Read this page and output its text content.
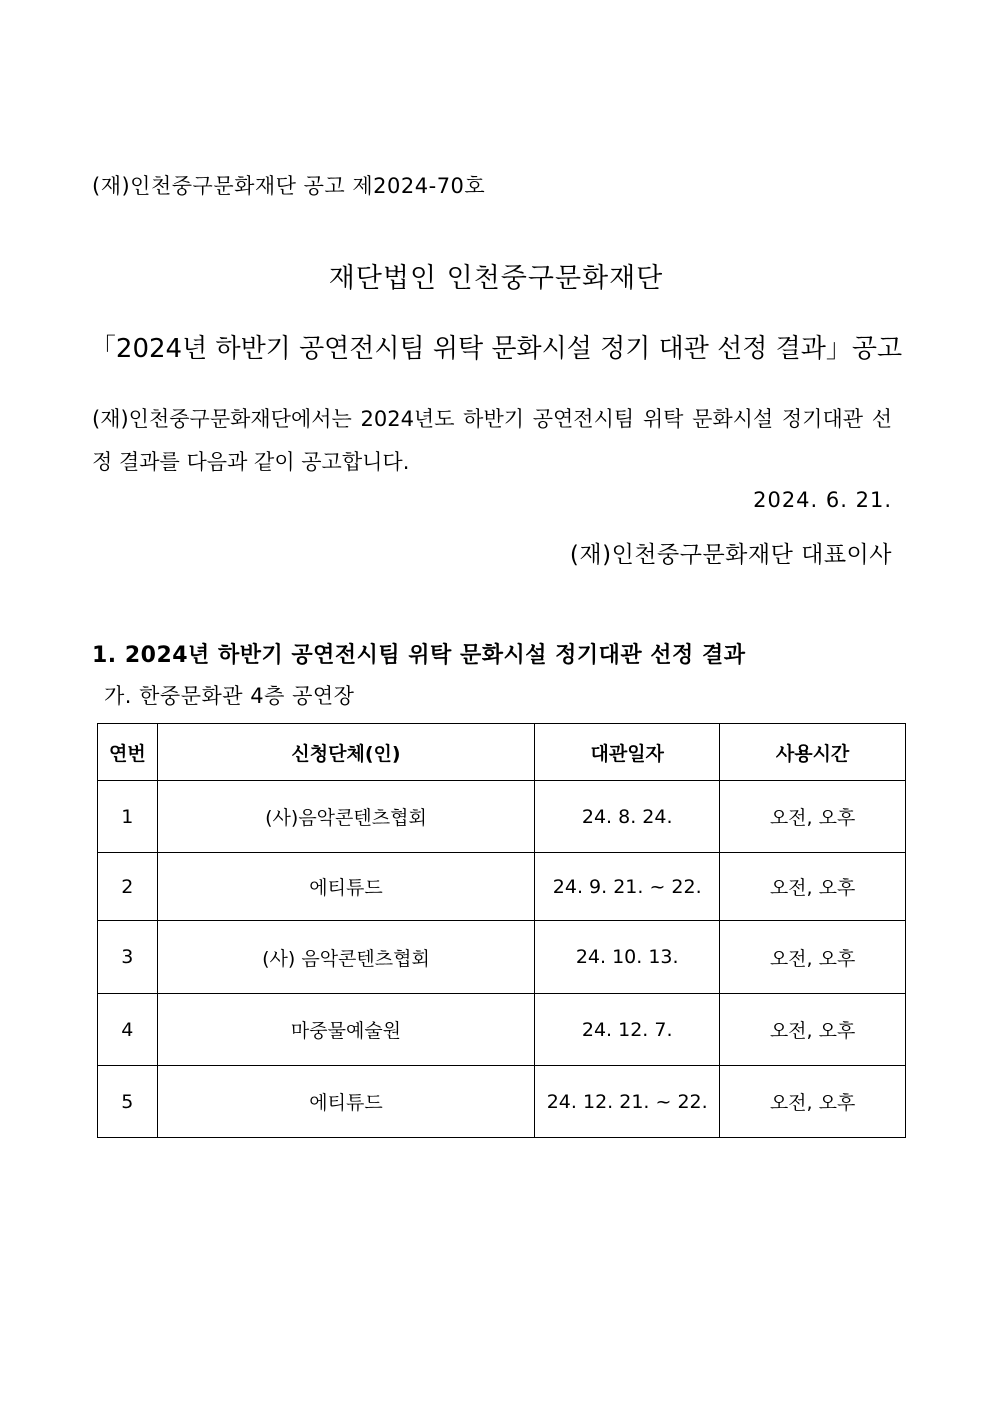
(재)인천중구문화재단 공고 제2024-70호
재단법인 인천중구문화재단
「2024년 하반기 공연전시팀 위탁 문화시설 정기 대관 선정 결과」공고
(재)인천중구문화재단에서는 2024년도 하반기 공연전시팀 위탁 문화시설 정기대관 선정 결과를 다음과 같이 공고합니다.
2024. 6. 21.
(재)인천중구문화재단 대표이사
1. 2024년 하반기 공연전시팀 위탁 문화시설 정기대관 선정 결과
가. 한중문화관 4층 공연장
연번	신청단체(인)	대관일자	사용시간
1	(사)음악콘텐츠협회	24. 8. 24.	오전, 오후
2	에티튜드	24. 9. 21. ~ 22.	오전, 오후
3	(사) 음악콘텐츠협회	24. 10. 13.	오전, 오후
4	마중물예술원	24. 12. 7.	오전, 오후
5	에티튜드	24. 12. 21. ~ 22.	오전, 오후
